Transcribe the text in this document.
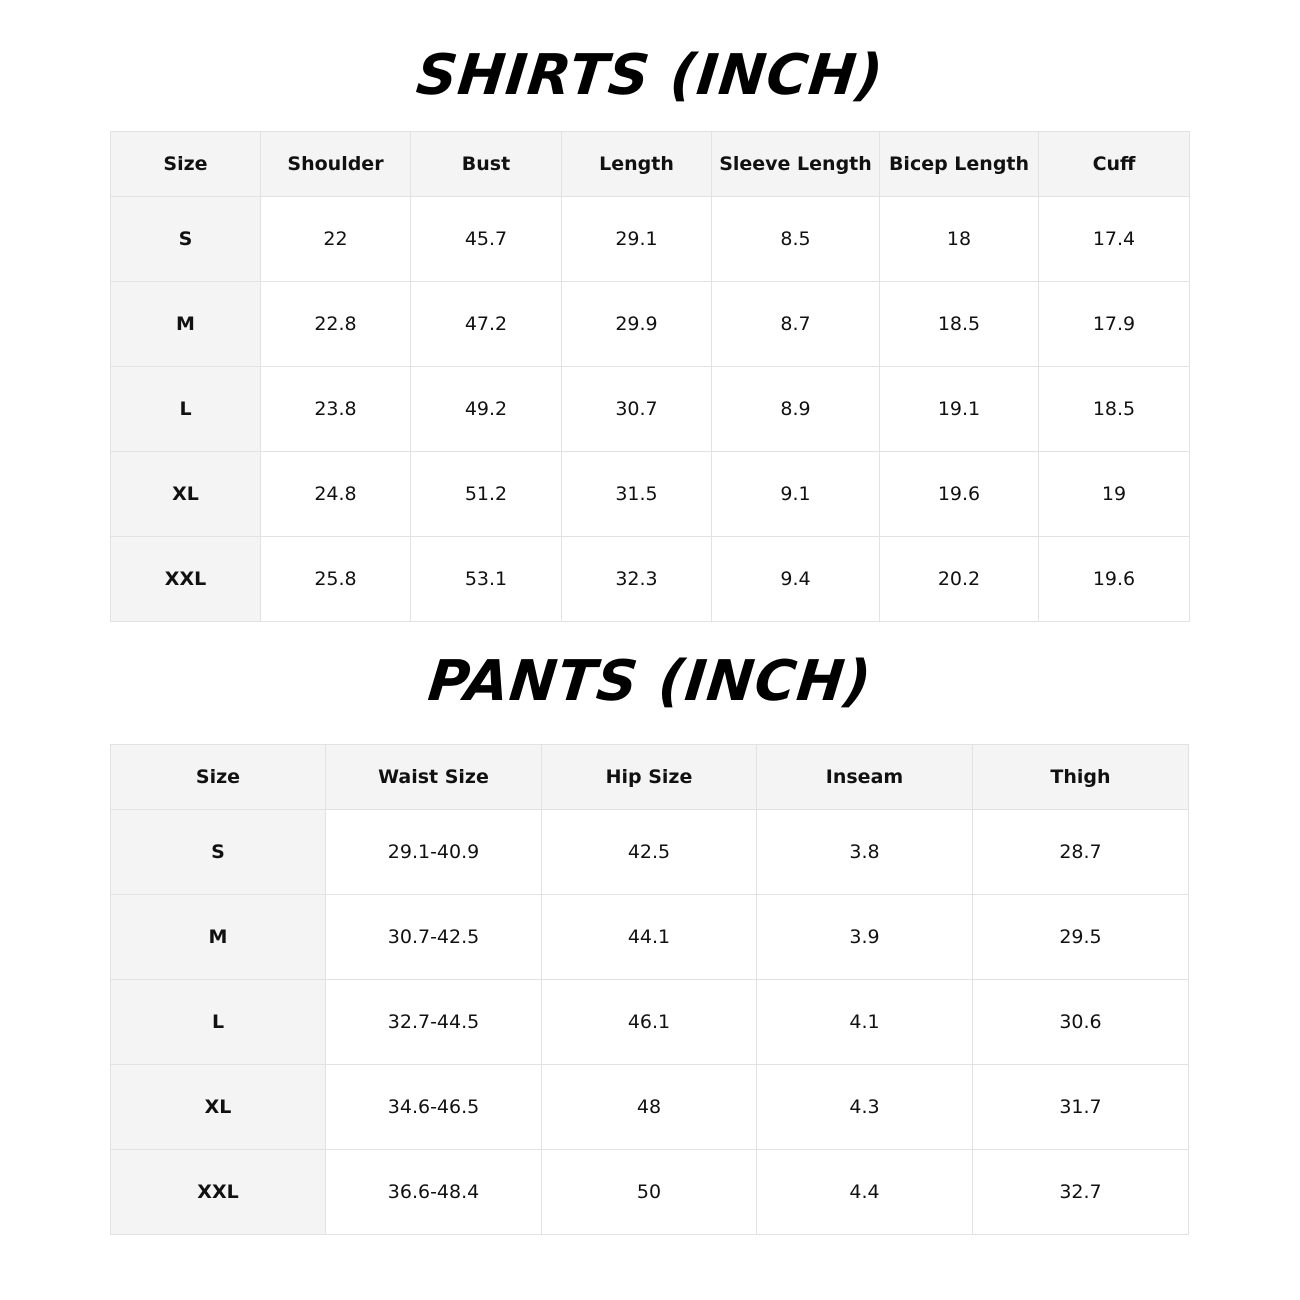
SHIRTS (INCH)
Size	Shoulder	Bust	Length	Sleeve Length	Bicep Length	Cuff
S	22	45.7	29.1	8.5	18	17.4
M	22.8	47.2	29.9	8.7	18.5	17.9
L	23.8	49.2	30.7	8.9	19.1	18.5
XL	24.8	51.2	31.5	9.1	19.6	19
XXL	25.8	53.1	32.3	9.4	20.2	19.6
PANTS (INCH)
Size	Waist Size	Hip Size	Inseam	Thigh
S	29.1-40.9	42.5	3.8	28.7
M	30.7-42.5	44.1	3.9	29.5
L	32.7-44.5	46.1	4.1	30.6
XL	34.6-46.5	48	4.3	31.7
XXL	36.6-48.4	50	4.4	32.7
